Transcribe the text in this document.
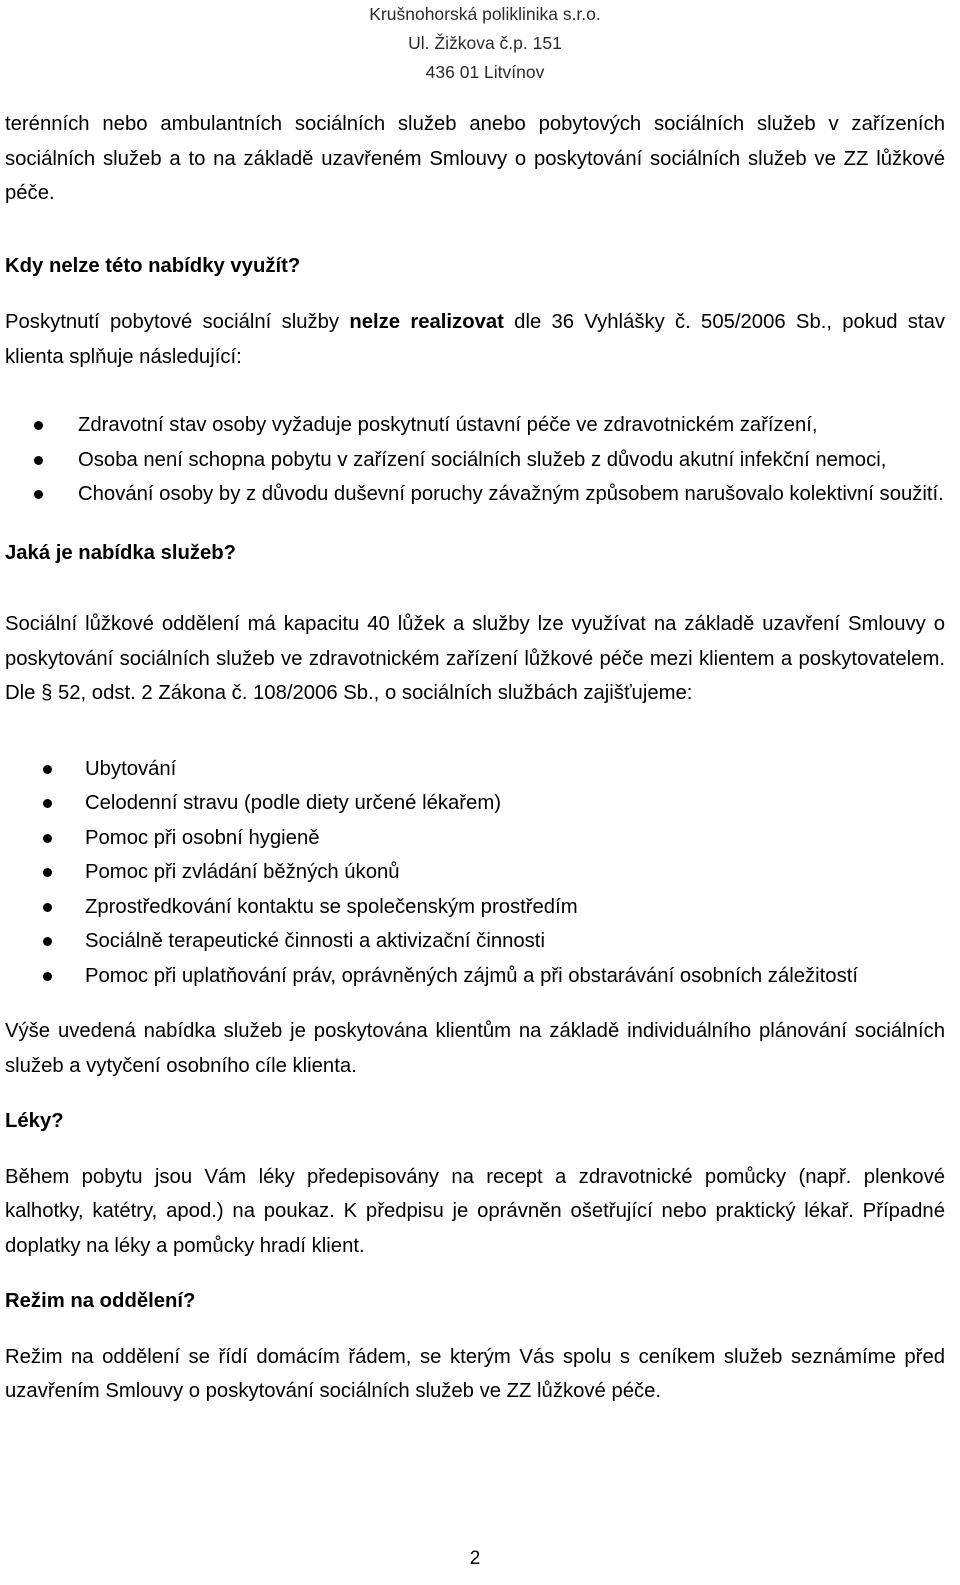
Krušnohorská poliklinika s.r.o.
Ul. Žižkova č.p. 151
436 01 Litvínov

terénních nebo ambulantních sociálních služeb anebo pobytových sociálních služeb v zařízeních sociálních služeb a to na základě uzavřeném Smlouvy o poskytování sociálních služeb ve ZZ lůžkové péče.

Kdy nelze této nabídky využít?

Poskytnutí pobytové sociální služby nelze realizovat dle 36 Vyhlášky č. 505/2006 Sb., pokud stav klienta splňuje následující:

Zdravotní stav osoby vyžaduje poskytnutí ústavní péče ve zdravotnickém zařízení,
Osoba není schopna pobytu v zařízení sociálních služeb z důvodu akutní infekční nemoci,
Chování osoby by z důvodu duševní poruchy závažným způsobem narušovalo kolektivní soužití.

Jaká je nabídka služeb?

Sociální lůžkové oddělení má kapacitu 40 lůžek a služby lze využívat na základě uzavření Smlouvy o poskytování sociálních služeb ve zdravotnickém zařízení lůžkové péče mezi klientem a poskytovatelem. Dle § 52, odst. 2 Zákona č. 108/2006 Sb., o sociálních službách zajišťujeme:

Ubytování
Celodenní stravu (podle diety určené lékařem)
Pomoc při osobní hygieně
Pomoc při zvládání běžných úkonů
Zprostředkování kontaktu se společenským prostředím
Sociálně terapeutické činnosti a aktivizační činnosti
Pomoc při uplatňování práv, oprávněných zájmů a při obstarávání osobních záležitostí

Výše uvedená nabídka služeb je poskytována klientům na základě individuálního plánování sociálních služeb a vytyčení osobního cíle klienta.

Léky?

Během pobytu jsou Vám léky předepisovány na recept a zdravotnické pomůcky (např. plenkové kalhotky, katétry, apod.) na poukaz. K předpisu je oprávněn ošetřující nebo praktický lékař. Případné doplatky na léky a pomůcky hradí klient.

Režim na oddělení?

Režim na oddělení se řídí domácím řádem, se kterým Vás spolu s ceníkem služeb seznámíme před uzavřením Smlouvy o poskytování sociálních služeb ve ZZ lůžkové péče.

2
